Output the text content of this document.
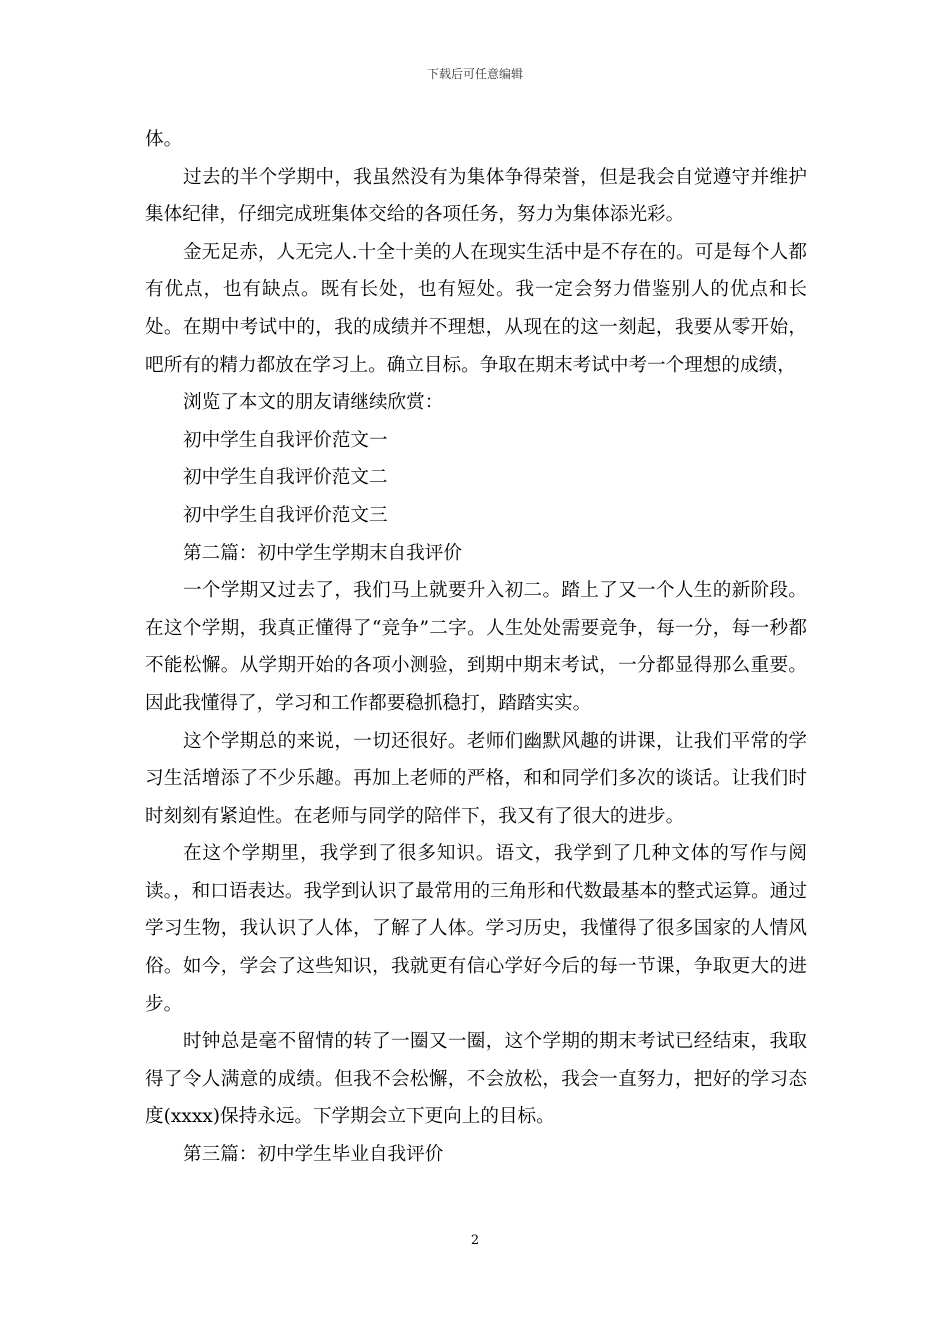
下载后可任意编辑

体。

过去的半个学期中，我虽然没有为集体争得荣誉，但是我会自觉遵守并维护集体纪律，仔细完成班集体交给的各项任务，努力为集体添光彩。

金无足赤，人无完人.十全十美的人在现实生活中是不存在的。可是每个人都有优点，也有缺点。既有长处，也有短处。我一定会努力借鉴别人的优点和长处。在期中考试中的，我的成绩并不理想，从现在的这一刻起，我要从零开始，吧所有的精力都放在学习上。确立目标。争取在期末考试中考一个理想的成绩，

浏览了本文的朋友请继续欣赏：

初中学生自我评价范文一

初中学生自我评价范文二

初中学生自我评价范文三

第二篇：初中学生学期末自我评价

一个学期又过去了，我们马上就要升入初二。踏上了又一个人生的新阶段。在这个学期，我真正懂得了“竞争”二字。人生处处需要竞争，每一分，每一秒都不能松懈。从学期开始的各项小测验，到期中期末考试，一分都显得那么重要。因此我懂得了，学习和工作都要稳抓稳打，踏踏实实。

这个学期总的来说，一切还很好。老师们幽默风趣的讲课，让我们平常的学习生活增添了不少乐趣。再加上老师的严格，和和同学们多次的谈话。让我们时时刻刻有紧迫性。在老师与同学的陪伴下，我又有了很大的进步。

在这个学期里，我学到了很多知识。语文，我学到了几种文体的写作与阅读。，和口语表达。我学到认识了最常用的三角形和代数最基本的整式运算。通过学习生物，我认识了人体，了解了人体。学习历史，我懂得了很多国家的人情风俗。如今，学会了这些知识，我就更有信心学好今后的每一节课，争取更大的进步。

时钟总是毫不留情的转了一圈又一圈，这个学期的期末考试已经结束，我取得了令人满意的成绩。但我不会松懈，不会放松，我会一直努力，把好的学习态度(xxxx)保持永远。下学期会立下更向上的目标。

第三篇：初中学生毕业自我评价

2
